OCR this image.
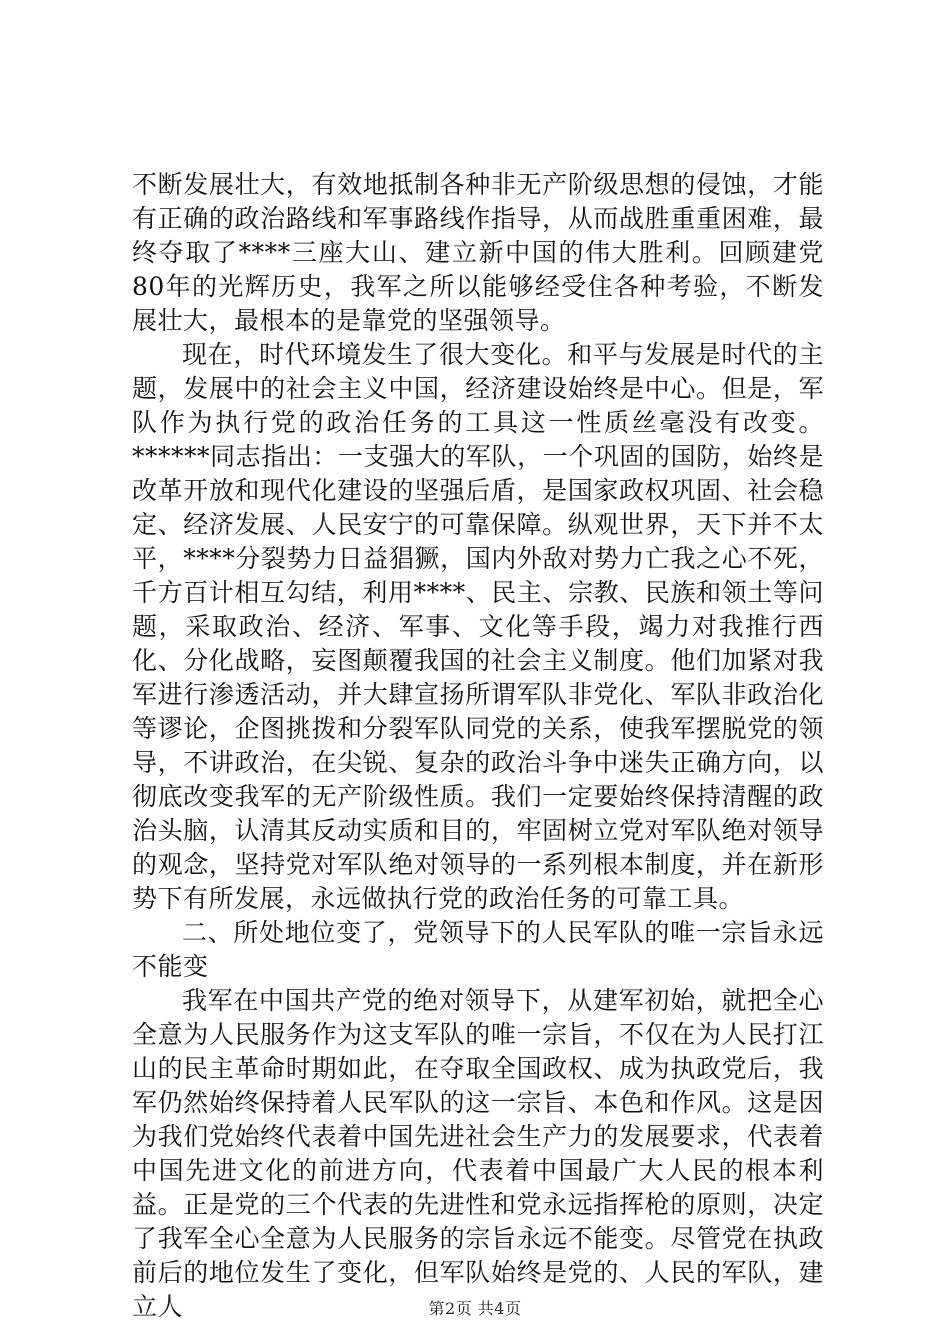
不断发展壮大，有效地抵制各种非无产阶级思想的侵蚀，才能有正确的政治路线和军事路线作指导，从而战胜重重困难，最终夺取了****三座大山、建立新中国的伟大胜利。回顾建党80年的光辉历史，我军之所以能够经受住各种考验，不断发展壮大，最根本的是靠党的坚强领导。

现在，时代环境发生了很大变化。和平与发展是时代的主题，发展中的社会主义中国，经济建设始终是中心。但是，军队作为执行党的政治任务的工具这一性质丝毫没有改变。******同志指出：一支强大的军队，一个巩固的国防，始终是改革开放和现代化建设的坚强后盾，是国家政权巩固、社会稳定、经济发展、人民安宁的可靠保障。纵观世界，天下并不太平，****分裂势力日益猖獗，国内外敌对势力亡我之心不死，千方百计相互勾结，利用****、民主、宗教、民族和领土等问题，采取政治、经济、军事、文化等手段，竭力对我推行西化、分化战略，妄图颠覆我国的社会主义制度。他们加紧对我军进行渗透活动，并大肆宣扬所谓军队非党化、军队非政治化等谬论，企图挑拨和分裂军队同党的关系，使我军摆脱党的领导，不讲政治，在尖锐、复杂的政治斗争中迷失正确方向，以彻底改变我军的无产阶级性质。我们一定要始终保持清醒的政治头脑，认清其反动实质和目的，牢固树立党对军队绝对领导的观念，坚持党对军队绝对领导的一系列根本制度，并在新形势下有所发展，永远做执行党的政治任务的可靠工具。

二、所处地位变了，党领导下的人民军队的唯一宗旨永远不能变

我军在中国共产党的绝对领导下，从建军初始，就把全心全意为人民服务作为这支军队的唯一宗旨，不仅在为人民打江山的民主革命时期如此，在夺取全国政权、成为执政党后，我军仍然始终保持着人民军队的这一宗旨、本色和作风。这是因为我们党始终代表着中国先进社会生产力的发展要求，代表着中国先进文化的前进方向，代表着中国最广大人民的根本利益。正是党的三个代表的先进性和党永远指挥枪的原则，决定了我军全心全意为人民服务的宗旨永远不能变。尽管党在执政前后的地位发生了变化，但军队始终是党的、人民的军队，建立人	第2页 共4页
